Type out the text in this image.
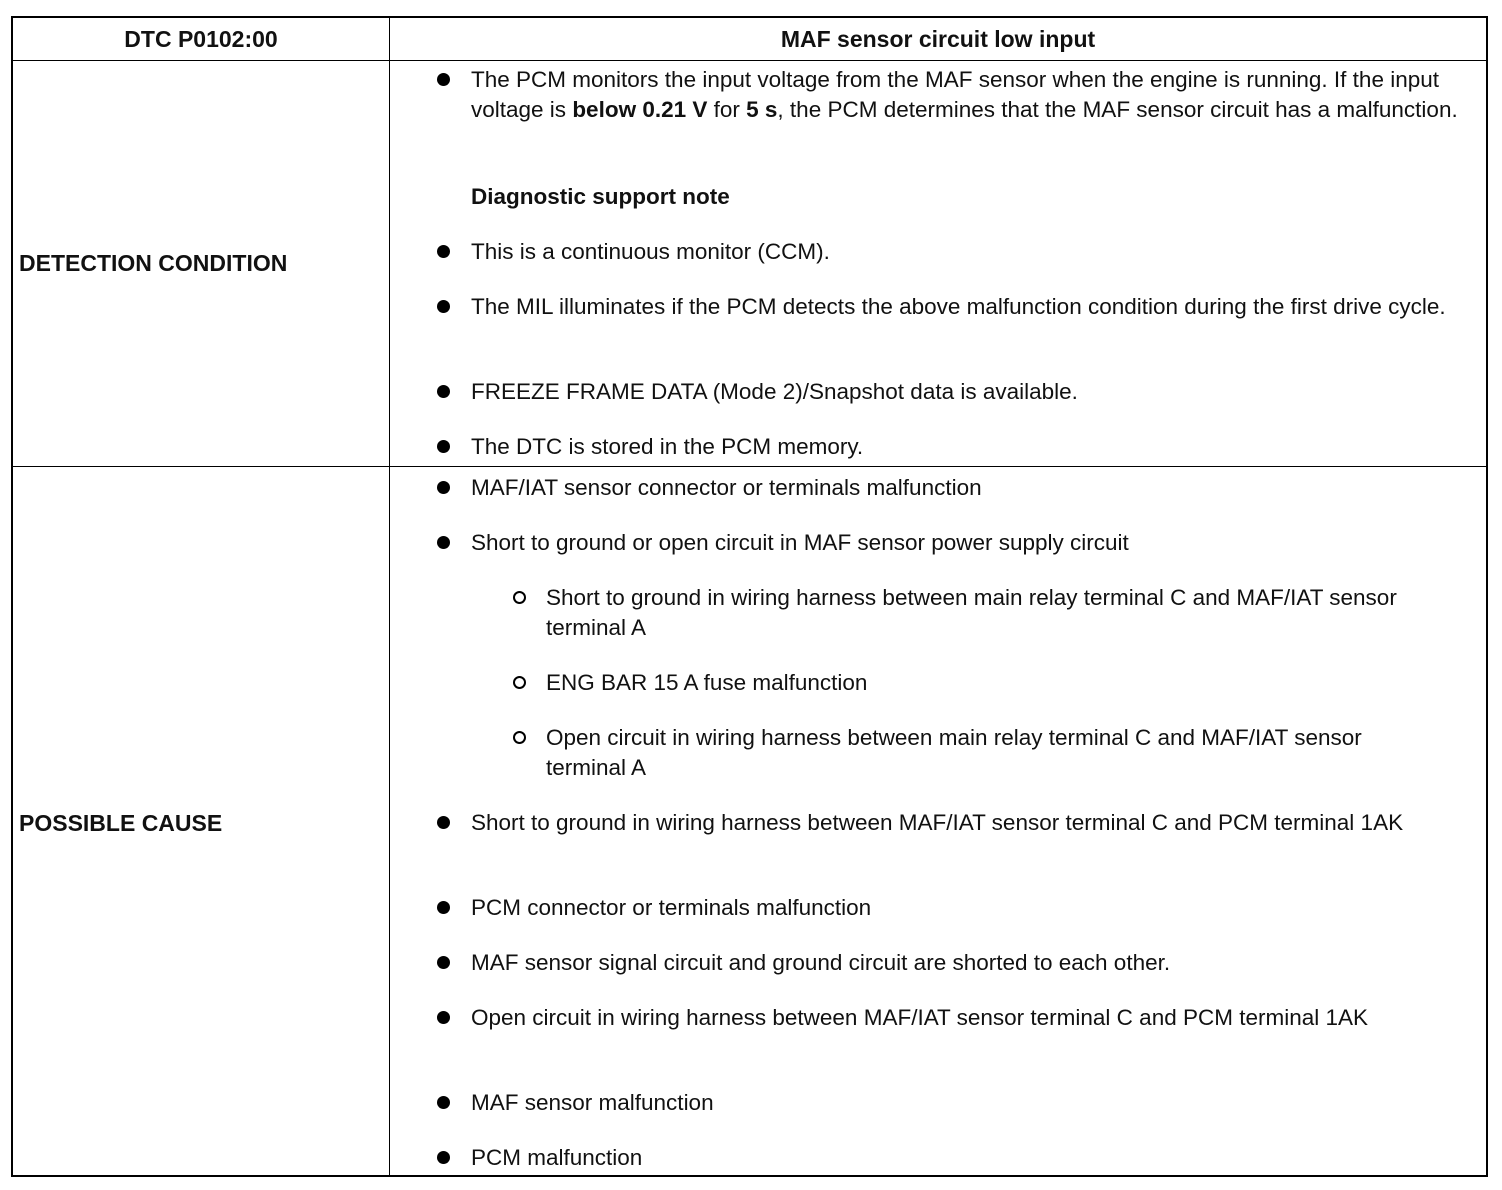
DTC P0102:00	MAF sensor circuit low input
DETECTION CONDITION
The PCM monitors the input voltage from the MAF sensor when the engine is running. If the input voltage is below 0.21 V for 5 s, the PCM determines that the MAF sensor circuit has a malfunction.
Diagnostic support note
This is a continuous monitor (CCM).
The MIL illuminates if the PCM detects the above malfunction condition during the first drive cycle.
FREEZE FRAME DATA (Mode 2)/Snapshot data is available.
The DTC is stored in the PCM memory.
POSSIBLE CAUSE
MAF/IAT sensor connector or terminals malfunction
Short to ground or open circuit in MAF sensor power supply circuit
Short to ground in wiring harness between main relay terminal C and MAF/IAT sensor terminal A
ENG BAR 15 A fuse malfunction
Open circuit in wiring harness between main relay terminal C and MAF/IAT sensor terminal A
Short to ground in wiring harness between MAF/IAT sensor terminal C and PCM terminal 1AK
PCM connector or terminals malfunction
MAF sensor signal circuit and ground circuit are shorted to each other.
Open circuit in wiring harness between MAF/IAT sensor terminal C and PCM terminal 1AK
MAF sensor malfunction
PCM malfunction
